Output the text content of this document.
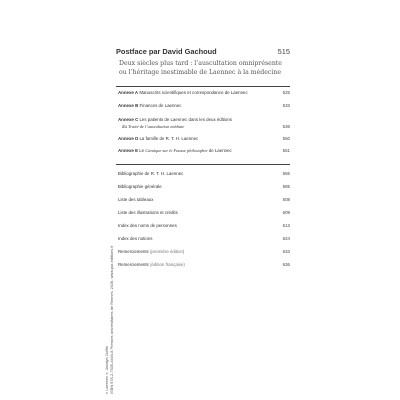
Postface par David Gachoud	515
Deux siècles plus tard : l’auscultation omniprésente
ou l’héritage inestimable de Laennec à la médecine
Annexe A Manuscrits scientifiques et correspondance de Laennec	525
Annexe B Finances de Laennec	533
Annexe C Les patients de Laennec dans les deux éditions
du Traité de l’auscultation médiate	536
Annexe D La famille de R. T. H. Laennec	550
Annexe E Le Cantique sur le Fausse philosophie de Laennec	551
Bibliographie de R. T. H. Laennec	555
Bibliographie générale	585
Liste des tableaux	608
Liste des illustrations et crédits	609
Index des noms de personnes	613
Index des notions	624
Remerciements (première édition)	633
Remerciements (édition française)	636
« Laennec », Jacalyn Duffin ISBN 978-2-7535-####-8 Presses universitaires de Rennes, 2026, www.pur-editions.fr
